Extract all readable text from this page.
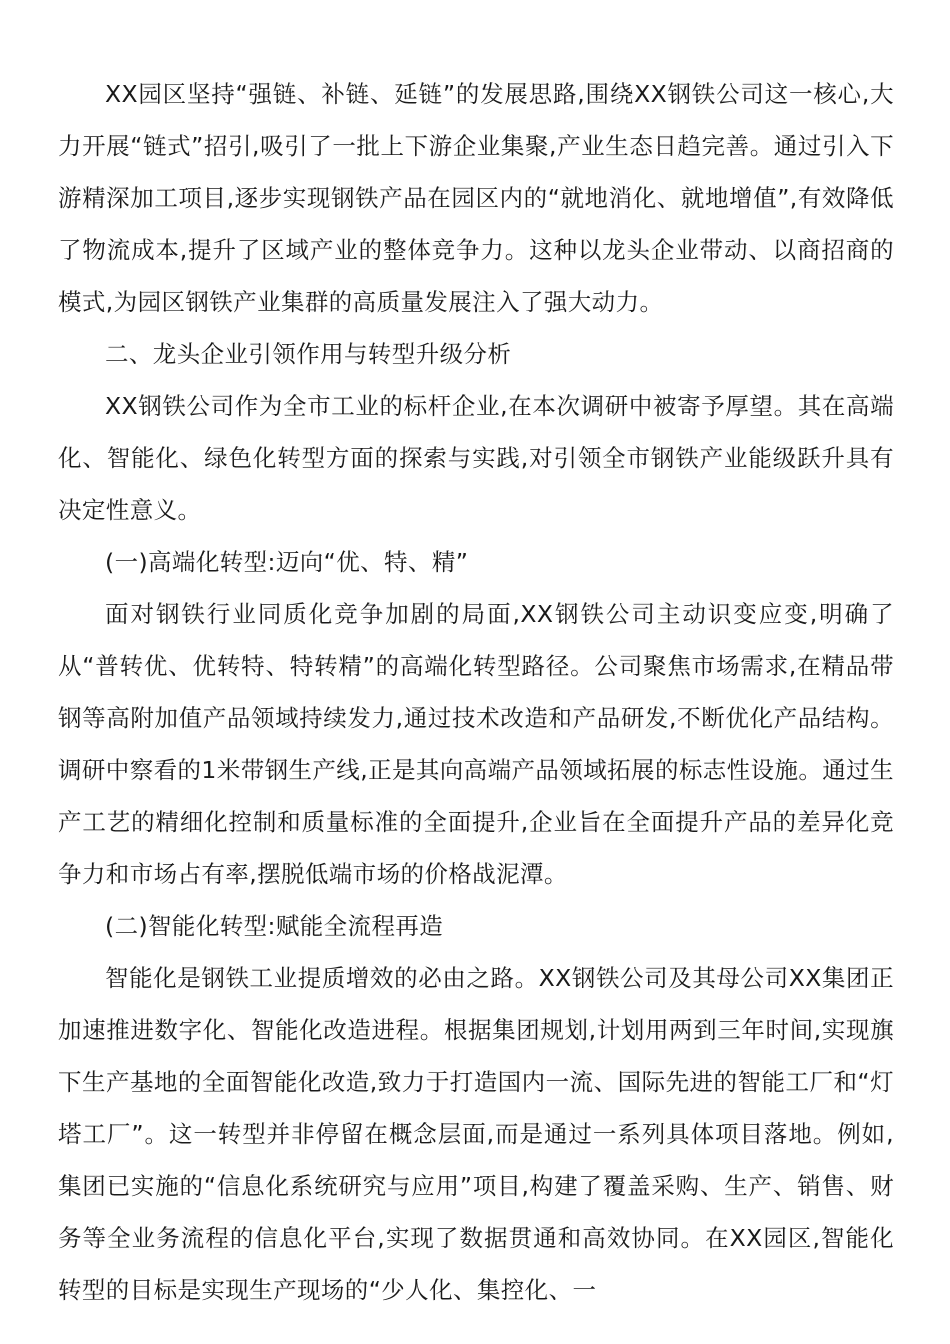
XX园区坚持“强链、补链、延链”的发展思路,围绕XX钢铁公司这一核心,大力开展“链式”招引,吸引了一批上下游企业集聚,产业生态日趋完善。通过引入下游精深加工项目,逐步实现钢铁产品在园区内的“就地消化、就地增值”,有效降低了物流成本,提升了区域产业的整体竞争力。这种以龙头企业带动、以商招商的模式,为园区钢铁产业集群的高质量发展注入了强大动力。

二、龙头企业引领作用与转型升级分析

XX钢铁公司作为全市工业的标杆企业,在本次调研中被寄予厚望。其在高端化、智能化、绿色化转型方面的探索与实践,对引领全市钢铁产业能级跃升具有决定性意义。

(一)高端化转型:迈向“优、特、精”

面对钢铁行业同质化竞争加剧的局面,XX钢铁公司主动识变应变,明确了从“普转优、优转特、特转精”的高端化转型路径。公司聚焦市场需求,在精品带钢等高附加值产品领域持续发力,通过技术改造和产品研发,不断优化产品结构。调研中察看的1米带钢生产线,正是其向高端产品领域拓展的标志性设施。通过生产工艺的精细化控制和质量标准的全面提升,企业旨在全面提升产品的差异化竞争力和市场占有率,摆脱低端市场的价格战泥潭。

(二)智能化转型:赋能全流程再造

智能化是钢铁工业提质增效的必由之路。XX钢铁公司及其母公司XX集团正加速推进数字化、智能化改造进程。根据集团规划,计划用两到三年时间,实现旗下生产基地的全面智能化改造,致力于打造国内一流、国际先进的智能工厂和“灯塔工厂”。这一转型并非停留在概念层面,而是通过一系列具体项目落地。例如,集团已实施的“信息化系统研究与应用”项目,构建了覆盖采购、生产、销售、财务等全业务流程的信息化平台,实现了数据贯通和高效协同。在XX园区,智能化转型的目标是实现生产现场的“少人化、集控化、一
